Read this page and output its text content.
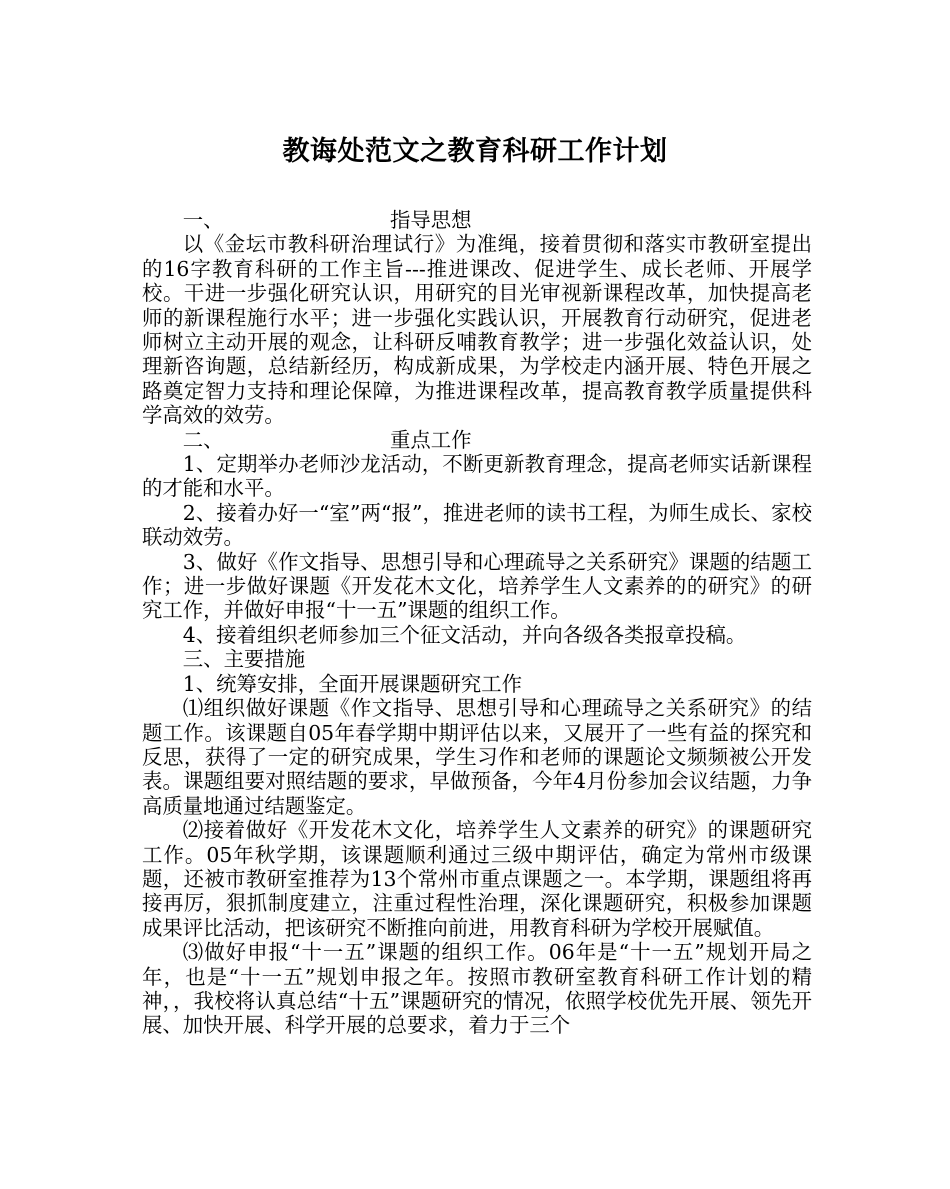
教诲处范文之教育科研工作计划
一、	指导思想

以《金坛市教科研治理试行》为准绳，接着贯彻和落实市教研室提出的16字教育科研的工作主旨---推进课改、促进学生、成长老师、开展学校。干进一步强化研究认识，用研究的目光审视新课程改革，加快提高老师的新课程施行水平；进一步强化实践认识，开展教育行动研究，促进老师树立主动开展的观念，让科研反哺教育教学；进一步强化效益认识，处理新咨询题，总结新经历，构成新成果，为学校走内涵开展、特色开展之路奠定智力支持和理论保障，为推进课程改革，提高教育教学质量提供科学高效的效劳。

二、	重点工作

1、定期举办老师沙龙活动，不断更新教育理念，提高老师实话新课程的才能和水平。

2、接着办好一“室”两“报”，推进老师的读书工程，为师生成长、家校联动效劳。

3、做好《作文指导、思想引导和心理疏导之关系研究》课题的结题工作；进一步做好课题《开发花木文化，培养学生人文素养的的研究》的研究工作，并做好申报“十一五”课题的组织工作。

4、接着组织老师参加三个征文活动，并向各级各类报章投稿。

三、主要措施

1、统筹安排，全面开展课题研究工作

⑴组织做好课题《作文指导、思想引导和心理疏导之关系研究》的结题工作。该课题自05年春学期中期评估以来，又展开了一些有益的探究和反思，获得了一定的研究成果，学生习作和老师的课题论文频频被公开发表。课题组要对照结题的要求，早做预备，今年4月份参加会议结题，力争高质量地通过结题鉴定。

⑵接着做好《开发花木文化，培养学生人文素养的研究》的课题研究工作。05年秋学期，该课题顺利通过三级中期评估，确定为常州市级课题，还被市教研室推荐为13个常州市重点课题之一。本学期，课题组将再接再厉，狠抓制度建立，注重过程性治理，深化课题研究，积极参加课题成果评比活动，把该研究不断推向前进，用教育科研为学校开展赋值。

⑶做好申报“十一五”课题的组织工作。06年是“十一五”规划开局之年，也是“十一五”规划申报之年。按照市教研室教育科研工作计划的精神，，我校将认真总结“十五”课题研究的情况，依照学校优先开展、领先开展、加快开展、科学开展的总要求，着力于三个
